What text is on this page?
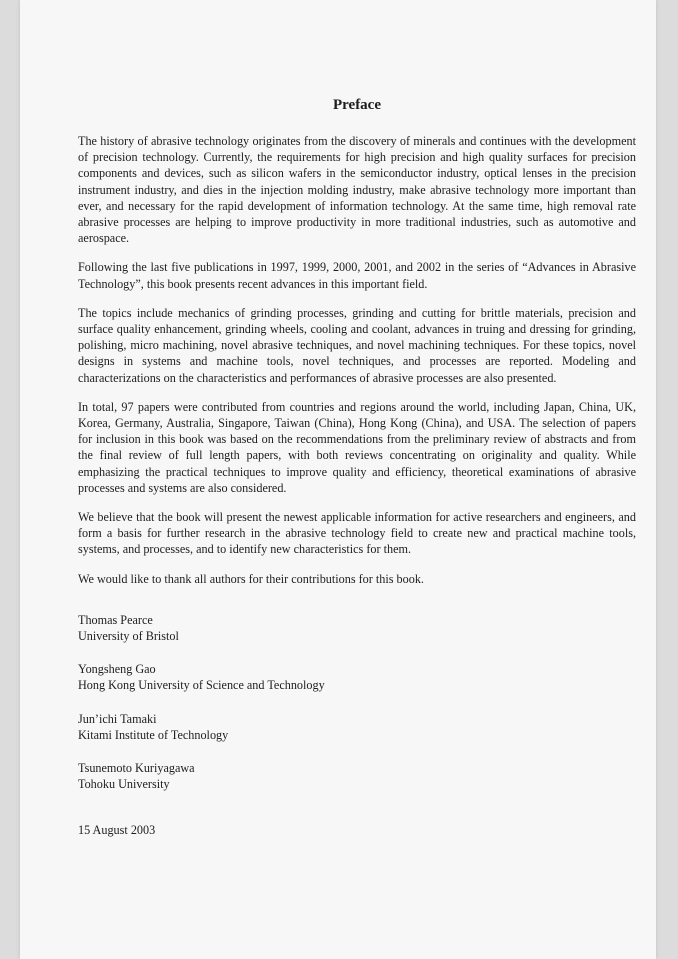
Preface

The history of abrasive technology originates from the discovery of minerals and continues with the development of precision technology. Currently, the requirements for high precision and high quality surfaces for precision components and devices, such as silicon wafers in the semiconductor industry, optical lenses in the precision instrument industry, and dies in the injection molding industry, make abrasive technology more important than ever, and necessary for the rapid development of information technology. At the same time, high removal rate abrasive processes are helping to improve productivity in more traditional industries, such as automotive and aerospace.

Following the last five publications in 1997, 1999, 2000, 2001, and 2002 in the series of “Advances in Abrasive Technology”, this book presents recent advances in this important field.

The topics include mechanics of grinding processes, grinding and cutting for brittle materials, precision and surface quality enhancement, grinding wheels, cooling and coolant, advances in truing and dressing for grinding, polishing, micro machining, novel abrasive techniques, and novel machining techniques. For these topics, novel designs in systems and machine tools, novel techniques, and processes are reported. Modeling and characterizations on the characteristics and performances of abrasive processes are also presented.

In total, 97 papers were contributed from countries and regions around the world, including Japan, China, UK, Korea, Germany, Australia, Singapore, Taiwan (China), Hong Kong (China), and USA. The selection of papers for inclusion in this book was based on the recommendations from the preliminary review of abstracts and from the final review of full length papers, with both reviews concentrating on originality and quality. While emphasizing the practical techniques to improve quality and efficiency, theoretical examinations of abrasive processes and systems are also considered.

We believe that the book will present the newest applicable information for active researchers and engineers, and form a basis for further research in the abrasive technology field to create new and practical machine tools, systems, and processes, and to identify new characteristics for them.

We would like to thank all authors for their contributions for this book.

Thomas Pearce
University of Bristol
Yongsheng Gao
Hong Kong University of Science and Technology
Jun’ichi Tamaki
Kitami Institute of Technology
Tsunemoto Kuriyagawa
Tohoku University
15 August 2003
